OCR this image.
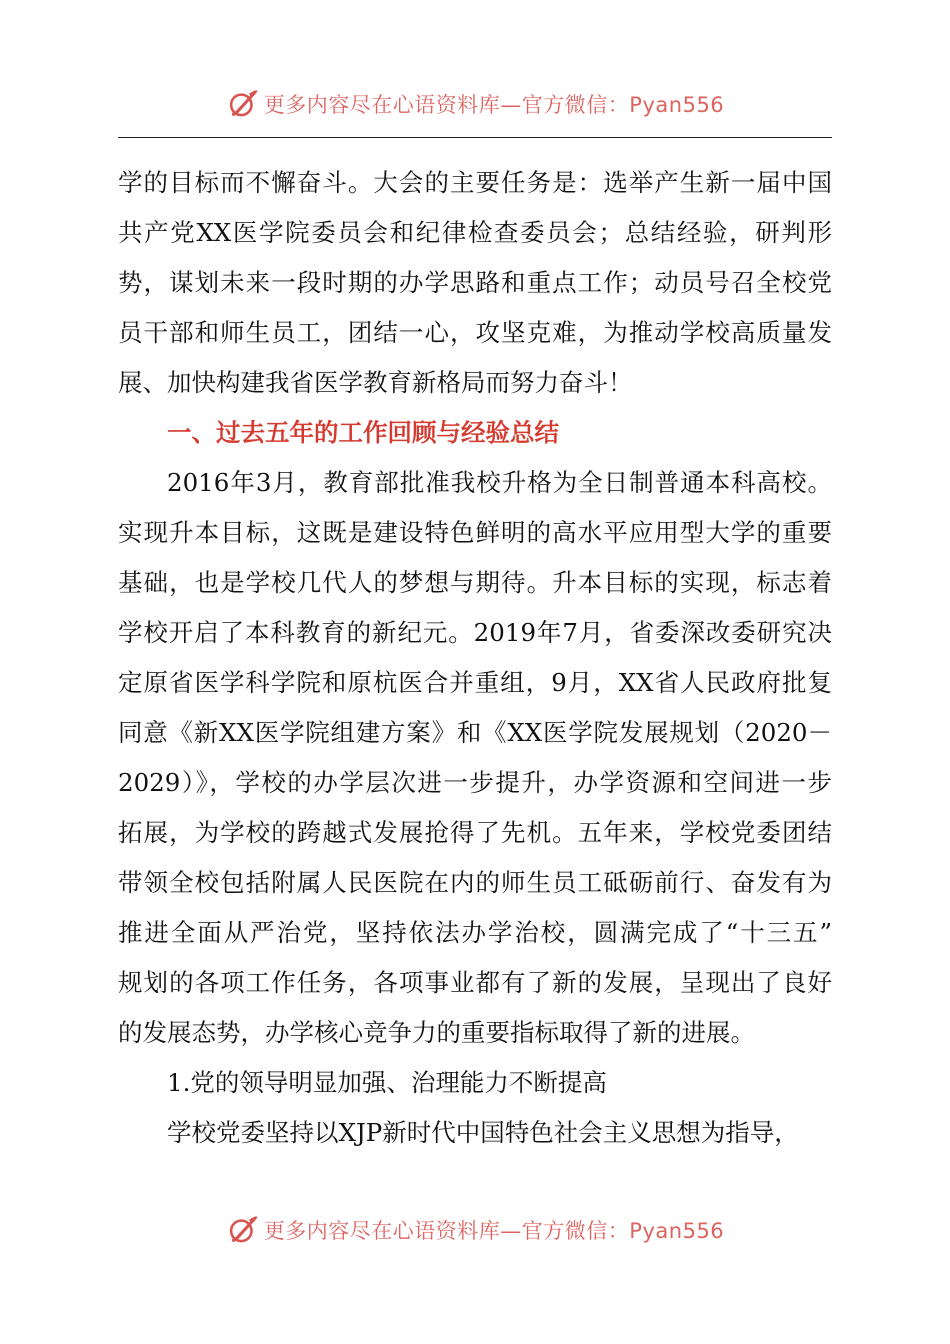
更多内容尽在心语资料库—官方微信：Pyan556
学的目标而不懈奋斗。大会的主要任务是：选举产生新一届中国
共产党XX医学院委员会和纪律检查委员会；总结经验，研判形
势，谋划未来一段时期的办学思路和重点工作；动员号召全校党
员干部和师生员工，团结一心，攻坚克难，为推动学校高质量发
展、加快构建我省医学教育新格局而努力奋斗！
一、过去五年的工作回顾与经验总结
2016年3月，教育部批准我校升格为全日制普通本科高校。
实现升本目标，这既是建设特色鲜明的高水平应用型大学的重要
基础，也是学校几代人的梦想与期待。升本目标的实现，标志着
学校开启了本科教育的新纪元。2019年7月，省委深改委研究决
定原省医学科学院和原杭医合并重组，9月，XX省人民政府批复
同意《新XX医学院组建方案》和《XX医学院发展规划（2020－
2029）》，学校的办学层次进一步提升，办学资源和空间进一步
拓展，为学校的跨越式发展抢得了先机。五年来，学校党委团结
带领全校包括附属人民医院在内的师生员工砥砺前行、奋发有为
推进全面从严治党，坚持依法办学治校，圆满完成了“十三五”
规划的各项工作任务，各项事业都有了新的发展，呈现出了良好
的发展态势，办学核心竞争力的重要指标取得了新的进展。
1.党的领导明显加强、治理能力不断提高
学校党委坚持以XJP新时代中国特色社会主义思想为指导，
更多内容尽在心语资料库—官方微信：Pyan556
